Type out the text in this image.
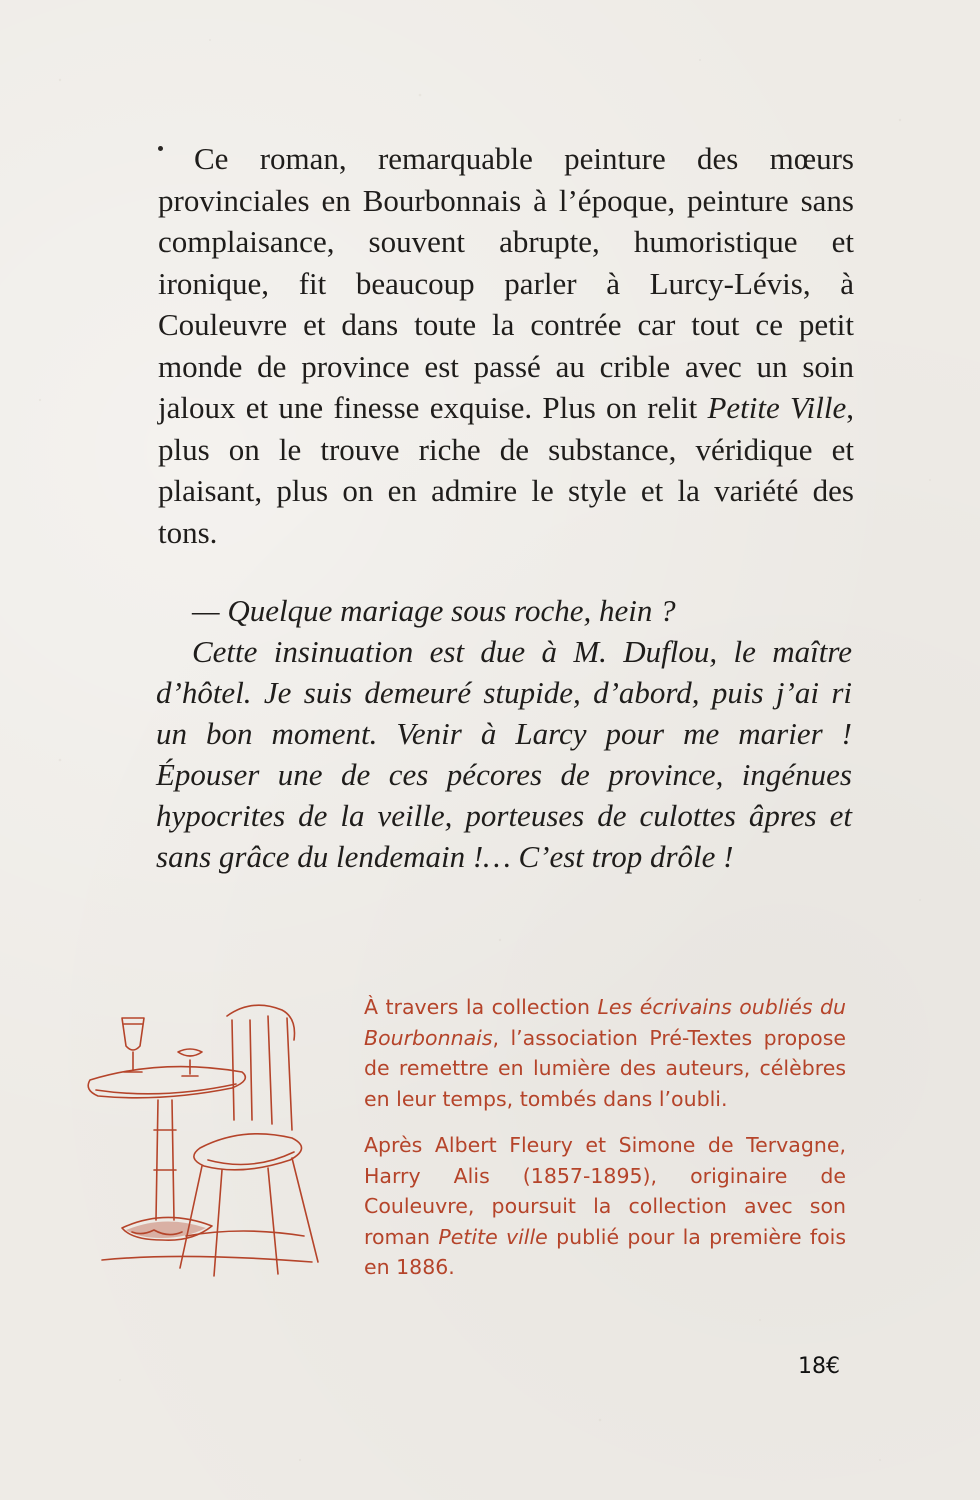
Ce roman, remarquable peinture des mœurs provinciales en Bourbonnais à l’époque, peinture sans complaisance, souvent abrupte, humoristique et ironique, fit beaucoup parler à Lurcy-Lévis, à Couleuvre et dans toute la contrée car tout ce petit monde de province est passé au crible avec un soin jaloux et une finesse exquise. Plus on relit Petite Ville, plus on le trouve riche de substance, véridique et plaisant, plus on en admire le style et la variété des tons.

— Quelque mariage sous roche, hein ?

Cette insinuation est due à M. Duflou, le maître d’hôtel. Je suis demeuré stupide, d’abord, puis j’ai ri un bon moment. Venir à Larcy pour me marier ! Épouser une de ces pécores de province, ingénues hypocrites de la veille, porteuses de culottes âpres et sans grâce du lendemain !… C’est trop drôle !

À travers la collection Les écrivains oubliés du Bourbonnais, l’association Pré-Textes propose de remettre en lumière des auteurs, célèbres en leur temps, tombés dans l’oubli.

Après Albert Fleury et Simone de Tervagne, Harry Alis (1857-1895), originaire de Couleuvre, poursuit la collection avec son roman Petite ville publié pour la première fois en 1886.

18€
